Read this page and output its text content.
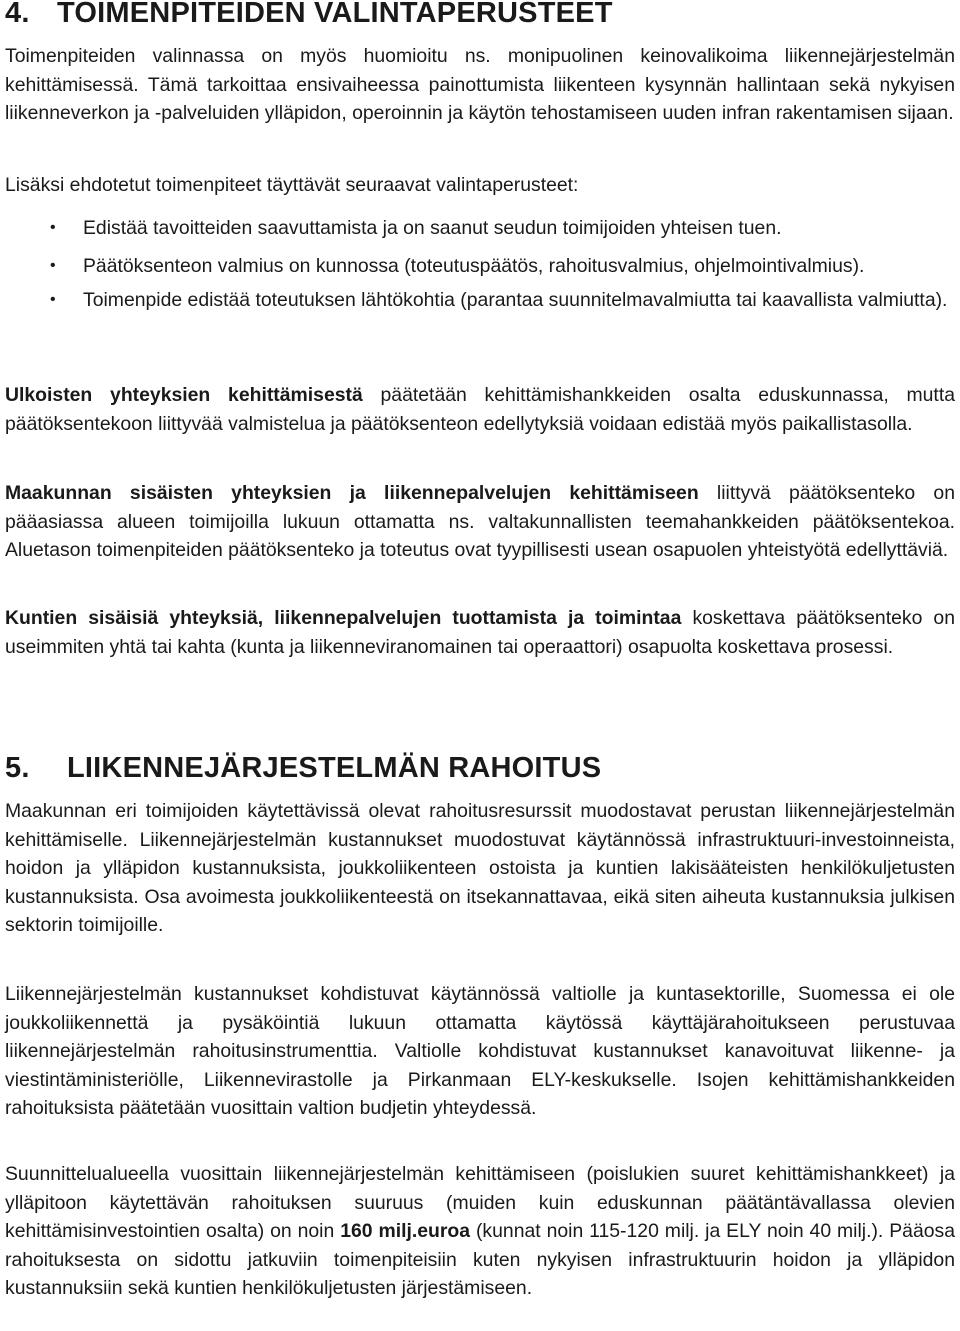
4. TOIMENPITEIDEN VALINTAPERUSTEET

Toimenpiteiden valinnassa on myös huomioitu ns. monipuolinen keinovalikoima liikennejärjestelmän kehittämisessä. Tämä tarkoittaa ensivaiheessa painottumista liikenteen kysynnän hallintaan sekä nykyisen liikenneverkon ja -palveluiden ylläpidon, operoinnin ja käytön tehostamiseen uuden infran rakentamisen sijaan.

Lisäksi ehdotetut toimenpiteet täyttävät seuraavat valintaperusteet:

• Edistää tavoitteiden saavuttamista ja on saanut seudun toimijoiden yhteisen tuen.
• Päätöksenteon valmius on kunnossa (toteutuspäätös, rahoitusvalmius, ohjelmointivalmius).
• Toimenpide edistää toteutuksen lähtökohtia (parantaa suunnitelmavalmiutta tai kaavallista valmiutta).

Ulkoisten yhteyksien kehittämisestä päätetään kehittämishankkeiden osalta eduskunnassa, mutta päätöksentekoon liittyvää valmistelua ja päätöksenteon edellytyksiä voidaan edistää myös paikallistasolla.

Maakunnan sisäisten yhteyksien ja liikennepalvelujen kehittämiseen liittyvä päätöksenteko on pääasiassa alueen toimijoilla lukuun ottamatta ns. valtakunnallisten teemahankkeiden päätöksentekoa. Aluetason toimenpiteiden päätöksenteko ja toteutus ovat tyypillisesti usean osapuolen yhteistyötä edellyttäviä.

Kuntien sisäisiä yhteyksiä, liikennepalvelujen tuottamista ja toimintaa koskettava päätöksenteko on useimmiten yhtä tai kahta (kunta ja liikenneviranomainen tai operaattori) osapuolta koskettava prosessi.

5. LIIKENNEJÄRJESTELMÄN RAHOITUS

Maakunnan eri toimijoiden käytettävissä olevat rahoitusresurssit muodostavat perustan liikennejärjestelmän kehittämiselle. Liikennejärjestelmän kustannukset muodostuvat käytännössä infrastruktuuri-investoinneista, hoidon ja ylläpidon kustannuksista, joukkoliikenteen ostoista ja kuntien lakisääteisten henkilökuljetusten kustannuksista. Osa avoimesta joukkoliikenteestä on itsekannattavaa, eikä siten aiheuta kustannuksia julkisen sektorin toimijoille.

Liikennejärjestelmän kustannukset kohdistuvat käytännössä valtiolle ja kuntasektorille, Suomessa ei ole joukkoliikennettä ja pysäköintiä lukuun ottamatta käytössä käyttäjärahoitukseen perustuvaa liikennejärjestelmän rahoitusinstrumenttia. Valtiolle kohdistuvat kustannukset kanavoituvat liikenne- ja viestintäministeriölle, Liikennevirastolle ja Pirkanmaan ELY-keskukselle. Isojen kehittämishankkeiden rahoituksista päätetään vuosittain valtion budjetin yhteydessä.

Suunnittelualueella vuosittain liikennejärjestelmän kehittämiseen (poislukien suuret kehittämishankkeet) ja ylläpitoon käytettävän rahoituksen suuruus (muiden kuin eduskunnan päätäntävallassa olevien kehittämisinvestointien osalta) on noin 160 milj.euroa (kunnat noin 115-120 milj. ja ELY noin 40 milj.). Pääosa rahoituksesta on sidottu jatkuviin toimenpiteisiin kuten nykyisen infrastruktuurin hoidon ja ylläpidon kustannuksiin sekä kuntien henkilökuljetusten järjestämiseen.
